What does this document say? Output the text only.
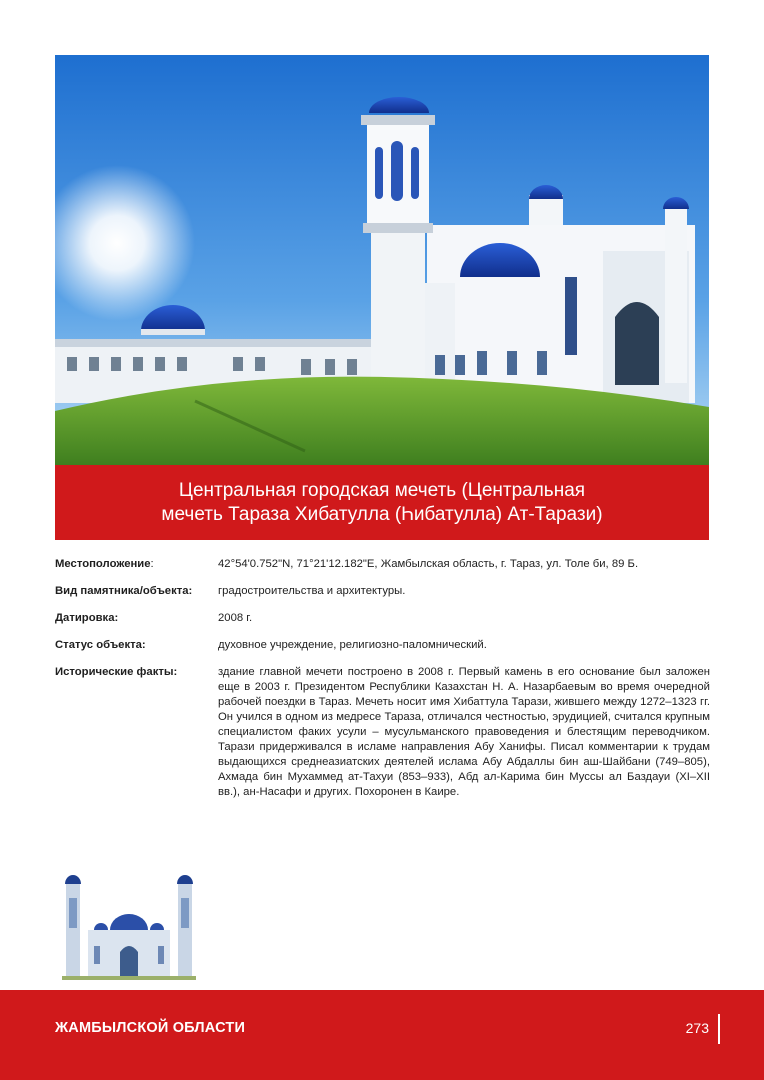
Центральная городская мечеть (Центральная
мечеть Тараза Хибатулла (Һибатулла) Ат-Тарази)
Местоположение:	42°54'0.752"N, 71°21'12.182"E, Жамбылская область, г. Тараз, ул. Толе би, 89 Б.
Вид памятника/объекта:	градостроительства и архитектуры.
Датировка:	2008 г.
Статус объекта:	духовное учреждение, религиозно-паломнический.
Исторические факты:	здание главной мечети построено в 2008 г. Первый камень в его основание был заложен еще в 2003 г. Президентом Республики Казахстан Н. А. Назарбаевым во время очередной рабочей поездки в Тараз. Мечеть носит имя Хибаттула Тарази, жившего между 1272–1323 гг. Он учился в одном из медресе Тараза, отличался честностью, эрудицией, считался крупным специалистом факих усули – мусульманского правоведения и блестящим переводчиком. Тарази придерживался в исламе направления Абу Ханифы. Писал комментарии к трудам выдающихся среднеазиатских деятелей ислама Абу Абдаллы бин аш-Шайбани (749–805), Ахмада бин Мухаммед ат-Тахуи (853–933), Абд ал-Карима бин Муссы ал Баздауи (XI–XII вв.), ан-Насафи и других. Похоронен в Каире.
ЖАМБЫЛСКОЙ ОБЛАСТИ	273
